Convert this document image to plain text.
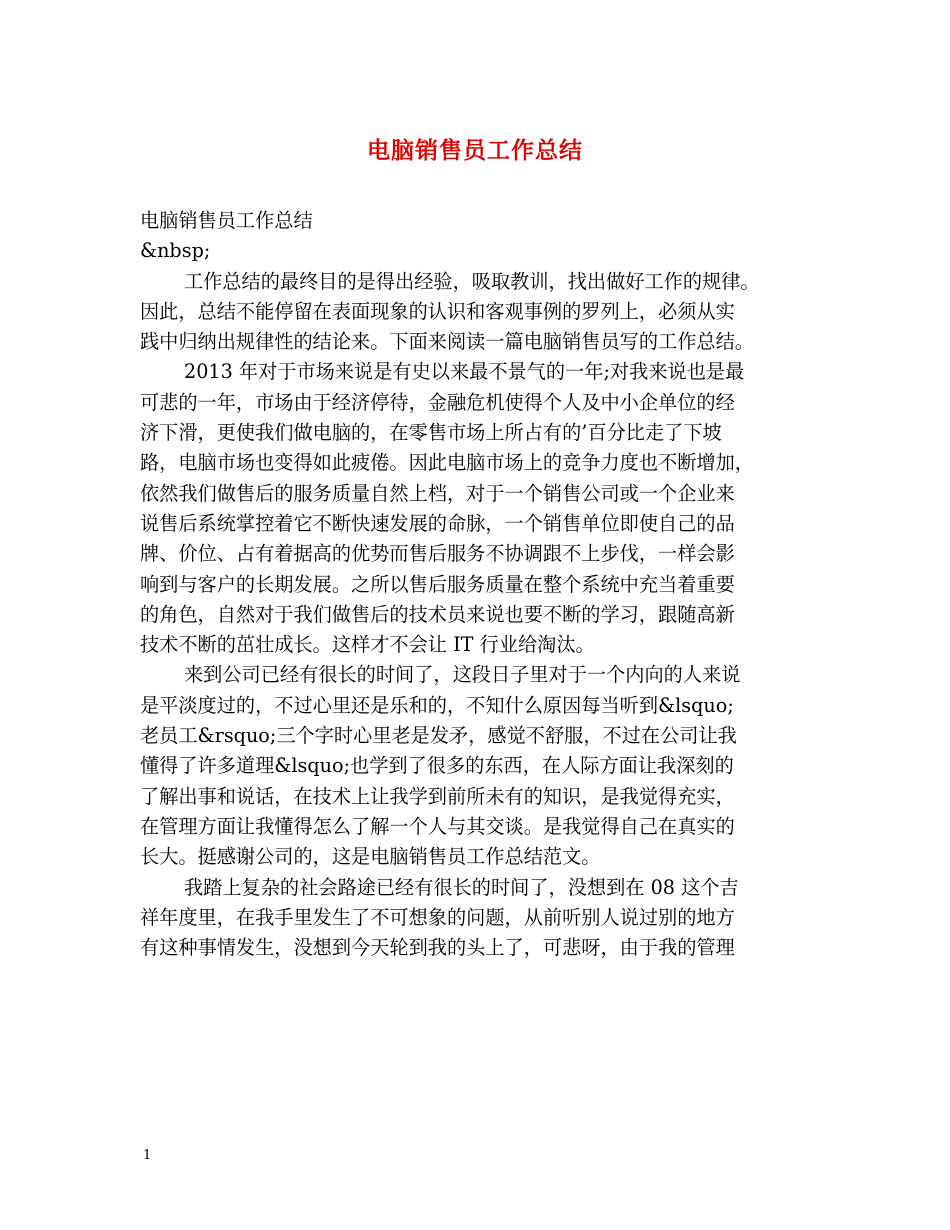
电脑销售员工作总结
电脑销售员工作总结
&nbsp;
工作总结的最终目的是得出经验，吸取教训，找出做好工作的规律。
因此，总结不能停留在表面现象的认识和客观事例的罗列上，必须从实
践中归纳出规律性的结论来。下面来阅读一篇电脑销售员写的工作总结。
2013 年对于市场来说是有史以来最不景气的一年;对我来说也是最
可悲的一年，市场由于经济停待，金融危机使得个人及中小企单位的经
济下滑，更使我们做电脑的，在零售市场上所占有的’百分比走了下坡
路，电脑市场也变得如此疲倦。因此电脑市场上的竞争力度也不断增加，
依然我们做售后的服务质量自然上档，对于一个销售公司或一个企业来
说售后系统掌控着它不断快速发展的命脉，一个销售单位即使自己的品
牌、价位、占有着据高的优势而售后服务不协调跟不上步伐，一样会影
响到与客户的长期发展。之所以售后服务质量在整个系统中充当着重要
的角色，自然对于我们做售后的技术员来说也要不断的学习，跟随高新
技术不断的茁壮成长。这样才不会让 IT 行业给淘汰。
来到公司已经有很长的时间了，这段日子里对于一个内向的人来说
是平淡度过的，不过心里还是乐和的，不知什么原因每当听到&lsquo;
老员工&rsquo;三个字时心里老是发矛，感觉不舒服，不过在公司让我
懂得了许多道理&lsquo;也学到了很多的东西，在人际方面让我深刻的
了解出事和说话，在技术上让我学到前所未有的知识，是我觉得充实，
在管理方面让我懂得怎么了解一个人与其交谈。是我觉得自己在真实的
长大。挺感谢公司的，这是电脑销售员工作总结范文。
我踏上复杂的社会路途已经有很长的时间了，没想到在 08 这个吉
祥年度里，在我手里发生了不可想象的问题，从前听别人说过别的地方
有这种事情发生，没想到今天轮到我的头上了，可悲呀，由于我的管理
1
